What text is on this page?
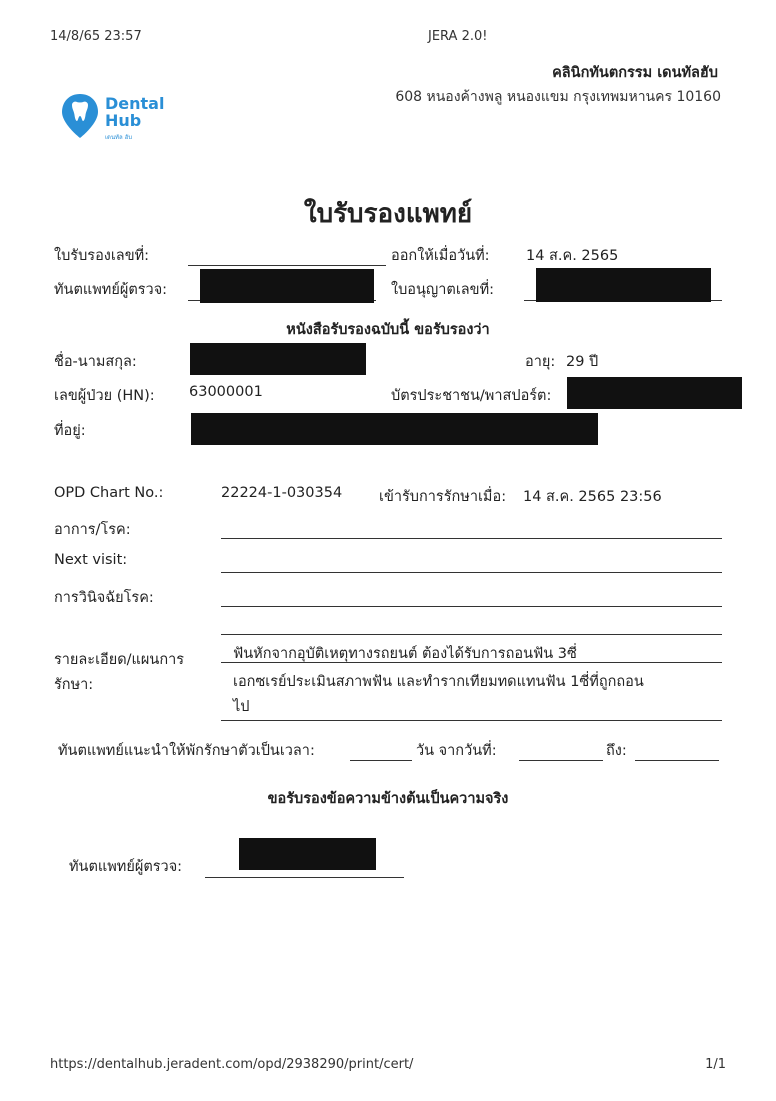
14/8/65 23:57	JERA 2.0!
Dental
Hub
เดนทัล ฮับ
คลินิกทันตกรรม เดนทัลฮับ
608 หนองค้างพลู หนองแขม กรุงเทพมหานคร 10160
ใบรับรองแพทย์
ใบรับรองเลขที่:	ออกให้เมื่อวันที่:	14 ส.ค. 2565
ทันตแพทย์ผู้ตรวจ:	ใบอนุญาตเลขที่:
หนังสือรับรองฉบับนี้ ขอรับรองว่า
ชื่อ-นามสกุล:	อายุ: 29 ปี
เลขผู้ป่วย (HN): 63000001	บัตรประชาชน/พาสปอร์ต:
ที่อยู่:
OPD Chart No.:	22224-1-030354	เข้ารับการรักษาเมื่อ: 14 ส.ค. 2565 23:56
อาการ/โรค:
Next visit:
การวินิจฉัยโรค:
รายละเอียด/แผนการ
รักษา:
ฟันหักจากอุบัติเหตุทางรถยนต์ ต้องได้รับการถอนฟัน 3ซี่
เอกซเรย์ประเมินสภาพฟัน และทำรากเทียมทดแทนฟัน 1ซี่ที่ถูกถอน
ไป
ทันตแพทย์แนะนำให้พักรักษาตัวเป็นเวลา:	วัน จากวันที่:	ถึง:
ขอรับรองข้อความข้างต้นเป็นความจริง
ทันตแพทย์ผู้ตรวจ:
https://dentalhub.jeradent.com/opd/2938290/print/cert/	1/1
